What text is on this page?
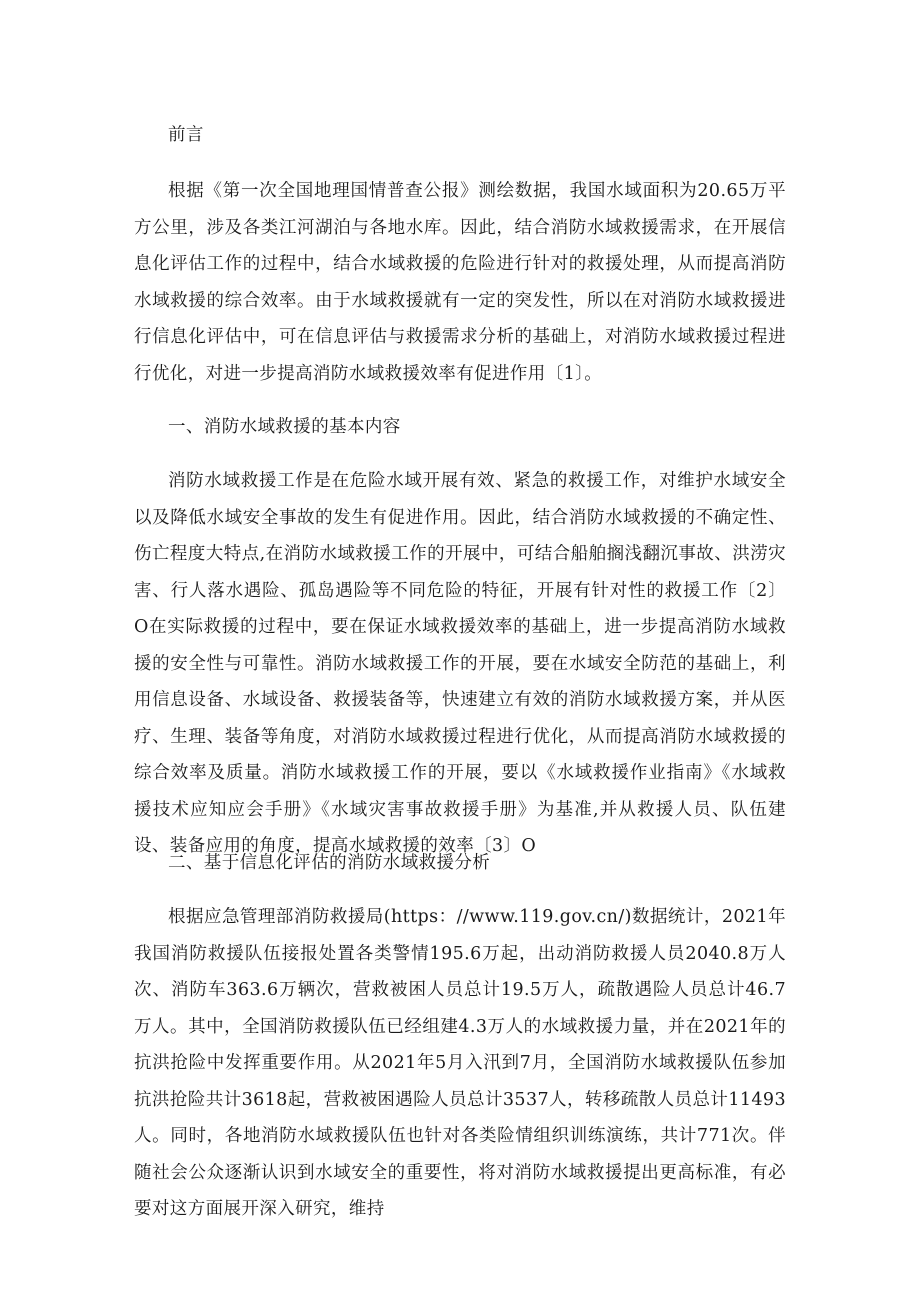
前言
根据《第一次全国地理国情普查公报》测绘数据，我国水域面积为20.65万平方公里，涉及各类江河湖泊与各地水库。因此，结合消防水域救援需求，在开展信息化评估工作的过程中，结合水域救援的危险进行针对的救援处理，从而提高消防水域救援的综合效率。由于水域救援就有一定的突发性，所以在对消防水域救援进行信息化评估中，可在信息评估与救援需求分析的基础上，对消防水域救援过程进行优化，对进一步提高消防水域救援效率有促进作用〔1〕。
一、消防水域救援的基本内容
消防水域救援工作是在危险水域开展有效、紧急的救援工作，对维护水域安全以及降低水域安全事故的发生有促进作用。因此，结合消防水域救援的不确定性、伤亡程度大特点,在消防水域救援工作的开展中，可结合船舶搁浅翻沉事故、洪涝灾害、行人落水遇险、孤岛遇险等不同危险的特征，开展有针对性的救援工作〔2〕O在实际救援的过程中，要在保证水域救援效率的基础上，进一步提高消防水域救援的安全性与可靠性。消防水域救援工作的开展，要在水域安全防范的基础上，利用信息设备、水域设备、救援装备等，快速建立有效的消防水域救援方案，并从医疗、生理、装备等角度，对消防水域救援过程进行优化，从而提高消防水域救援的综合效率及质量。消防水域救援工作的开展，要以《水域救援作业指南》《水域救援技术应知应会手册》《水域灾害事故救援手册》为基准,并从救援人员、队伍建设、装备应用的角度，提高水域救援的效率〔3〕O
二、基于信息化评估的消防水域救援分析
根据应急管理部消防救援局(https：//www.119.gov.cn/)数据统计，2021年我国消防救援队伍接报处置各类警情195.6万起，出动消防救援人员2040.8万人次、消防车363.6万辆次，营救被困人员总计19.5万人，疏散遇险人员总计46.7万人。其中，全国消防救援队伍已经组建4.3万人的水域救援力量，并在2021年的抗洪抢险中发挥重要作用。从2021年5月入汛到7月，全国消防水域救援队伍参加抗洪抢险共计3618起，营救被困遇险人员总计3537人，转移疏散人员总计11493人。同时，各地消防水域救援队伍也针对各类险情组织训练演练，共计771次。伴随社会公众逐渐认识到水域安全的重要性，将对消防水域救援提出更高标准，有必要对这方面展开深入研究，维持
